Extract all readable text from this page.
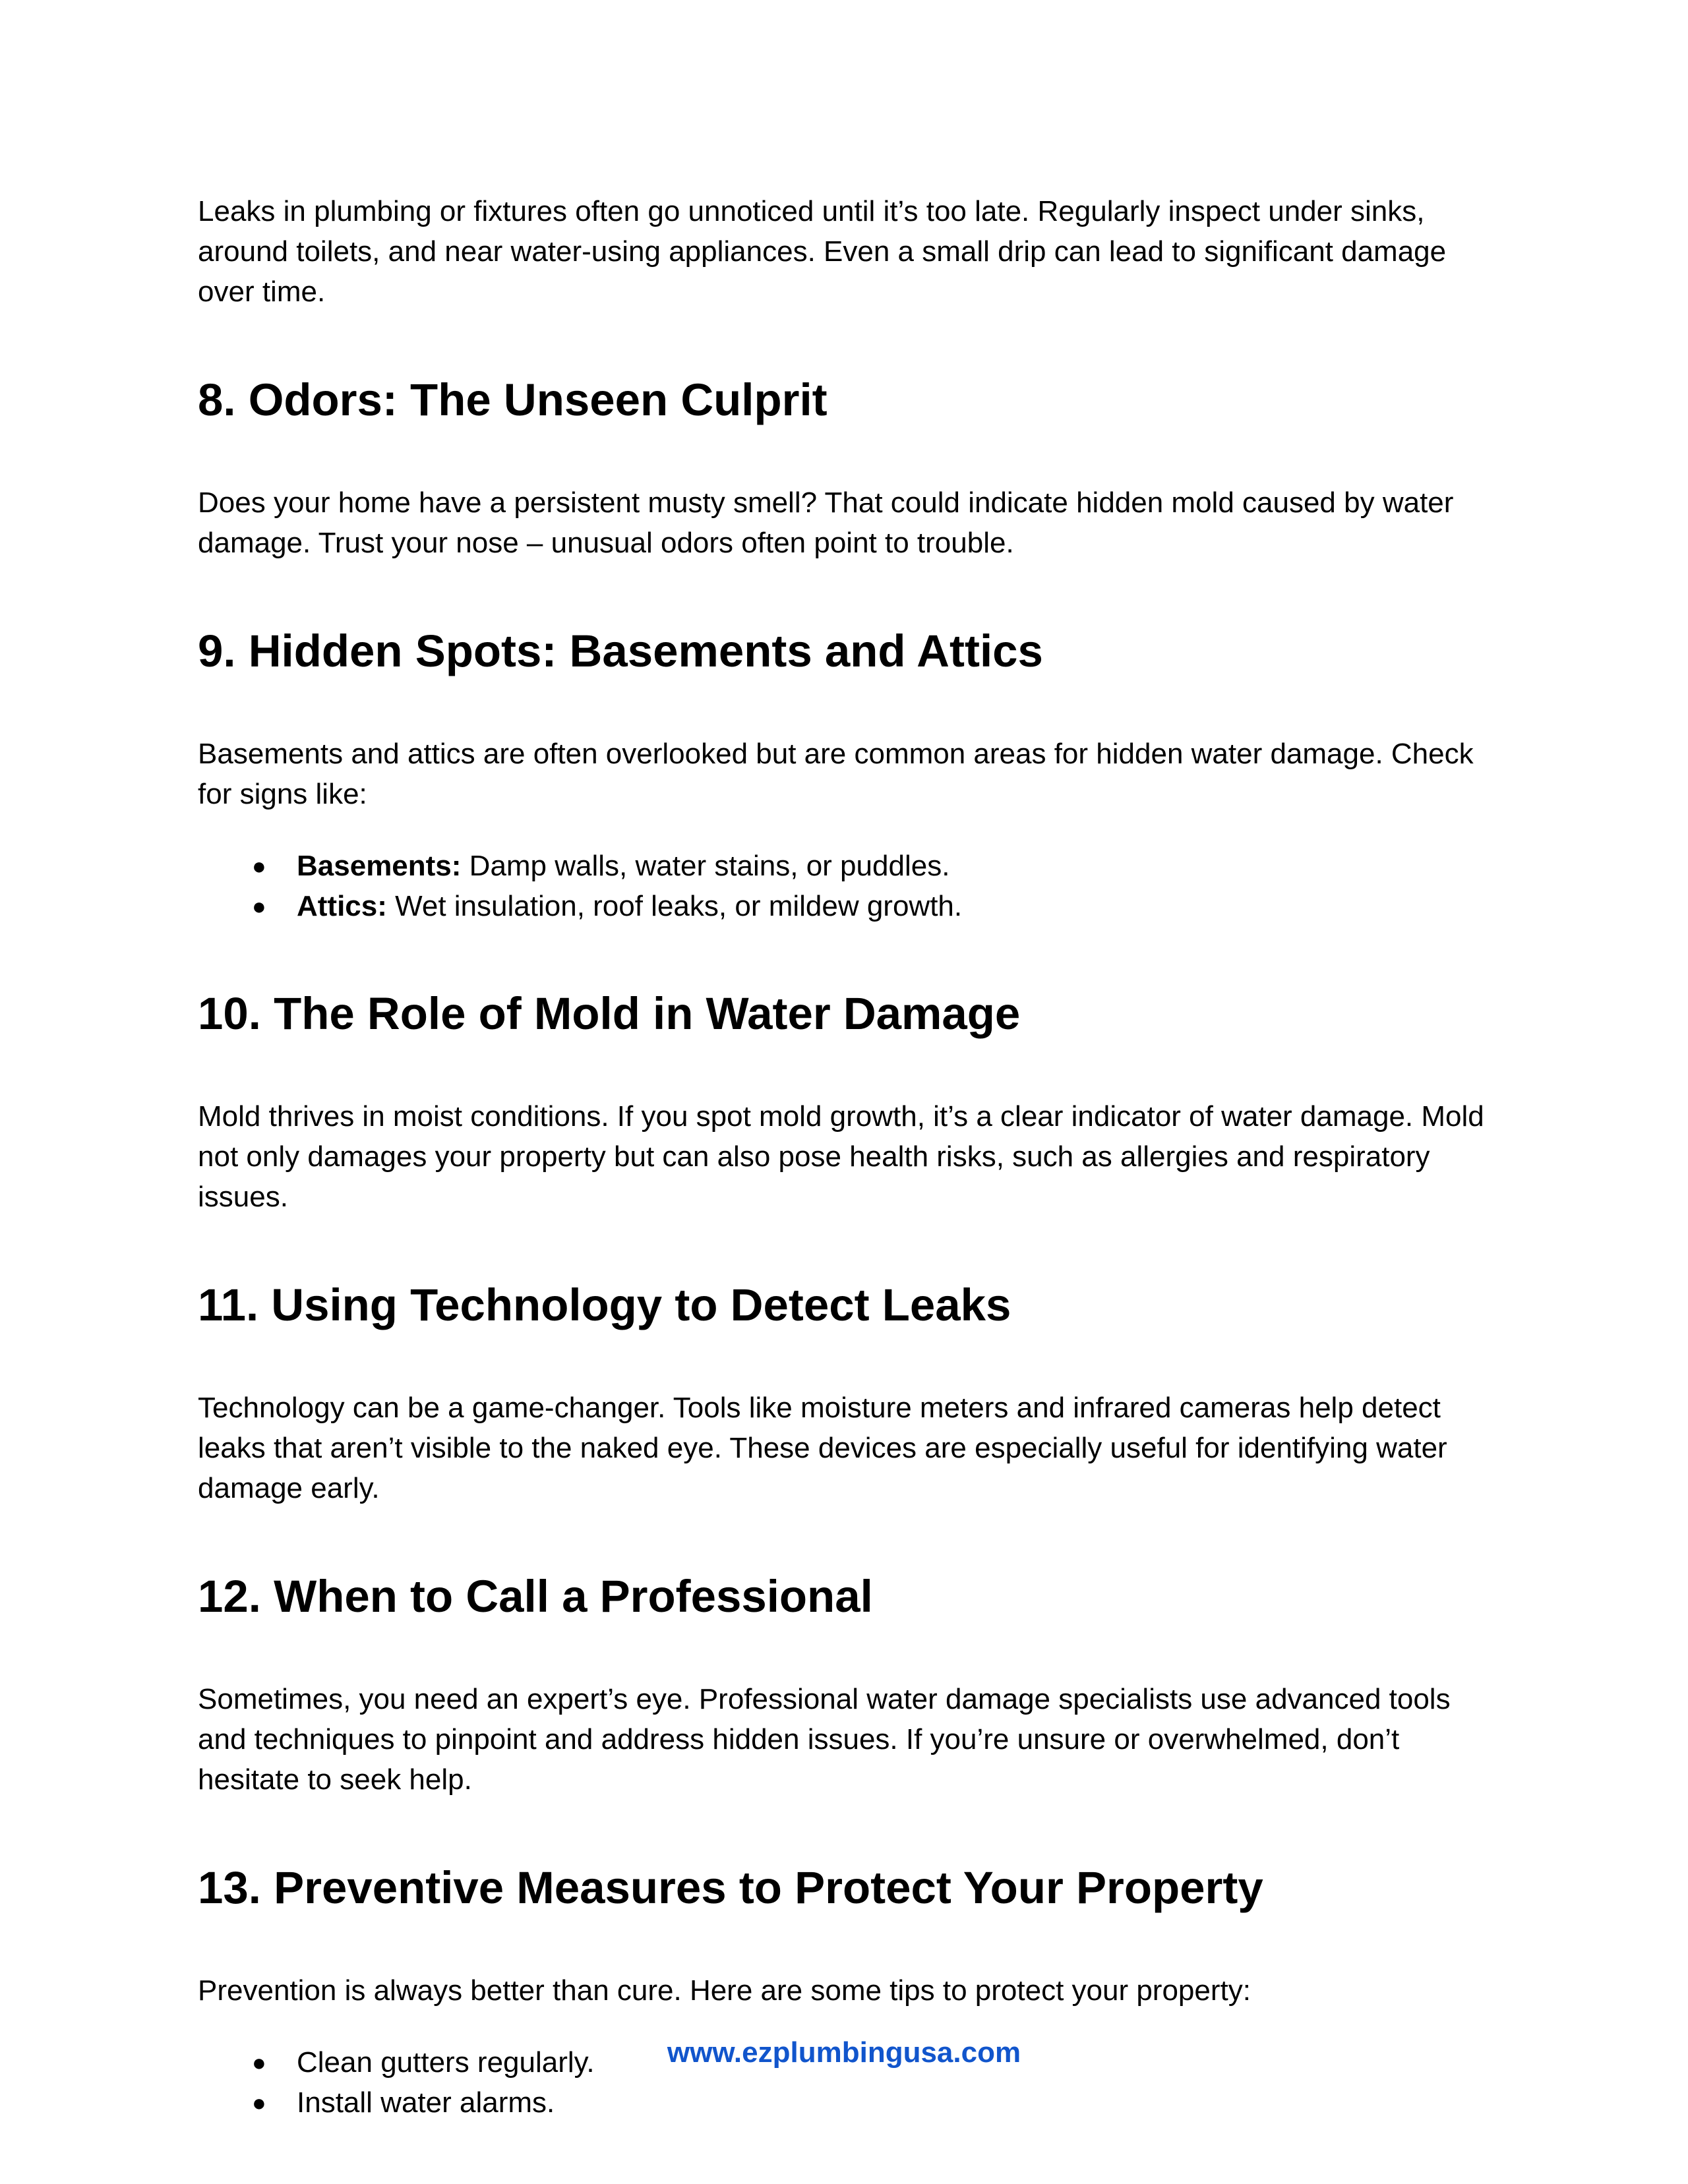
Leaks in plumbing or fixtures often go unnoticed until it’s too late. Regularly inspect under sinks, around toilets, and near water-using appliances. Even a small drip can lead to significant damage over time.

8. Odors: The Unseen Culprit

Does your home have a persistent musty smell? That could indicate hidden mold caused by water damage. Trust your nose – unusual odors often point to trouble.

9. Hidden Spots: Basements and Attics

Basements and attics are often overlooked but are common areas for hidden water damage. Check for signs like:

● Basements: Damp walls, water stains, or puddles.
● Attics: Wet insulation, roof leaks, or mildew growth.
10. The Role of Mold in Water Damage

Mold thrives in moist conditions. If you spot mold growth, it’s a clear indicator of water damage. Mold not only damages your property but can also pose health risks, such as allergies and respiratory issues.

11. Using Technology to Detect Leaks

Technology can be a game-changer. Tools like moisture meters and infrared cameras help detect leaks that aren’t visible to the naked eye. These devices are especially useful for identifying water damage early.

12. When to Call a Professional

Sometimes, you need an expert’s eye. Professional water damage specialists use advanced tools and techniques to pinpoint and address hidden issues. If you’re unsure or overwhelmed, don’t hesitate to seek help.

13. Preventive Measures to Protect Your Property

Prevention is always better than cure. Here are some tips to protect your property:

● Clean gutters regularly.
● Install water alarms.
www.ezplumbingusa.com
